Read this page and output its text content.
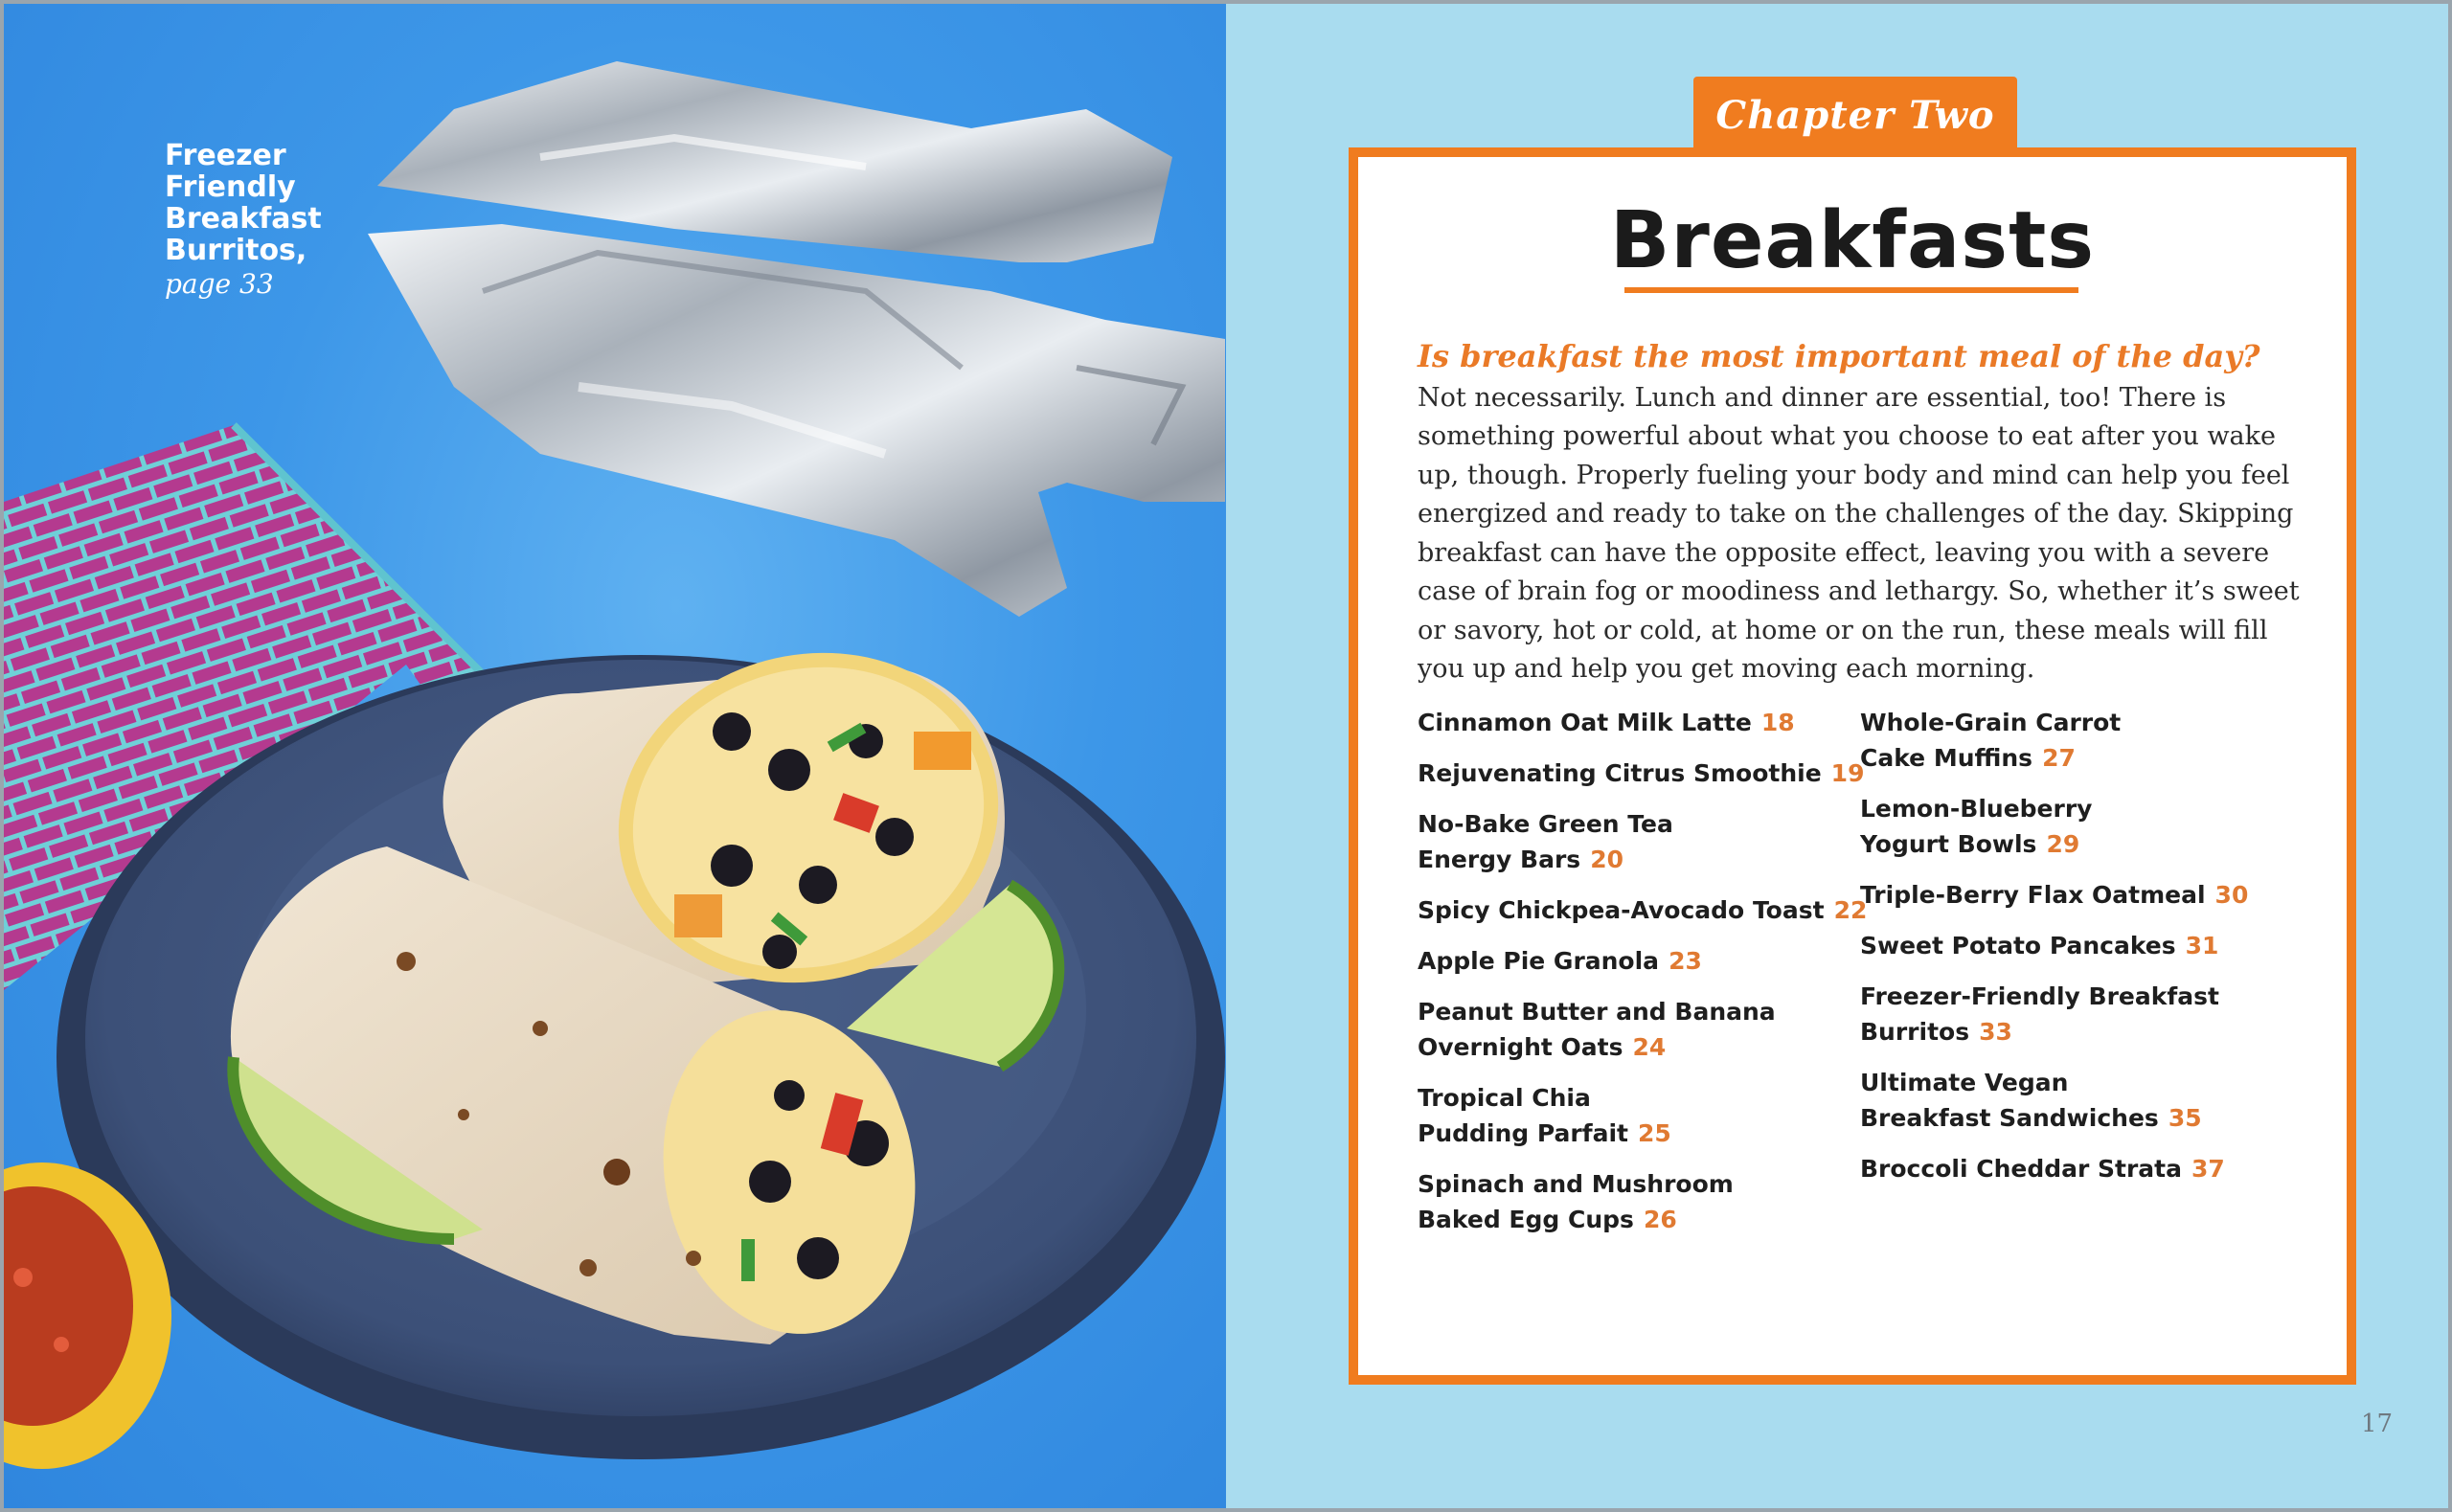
Freezer
Friendly
Breakfast
Burritos,
page 33
Chapter Two
Breakfasts
Is breakfast the most important meal of the day? Not necessarily. Lunch and dinner are essential, too! There is something powerful about what you choose to eat after you wake up, though. Properly fueling your body and mind can help you feel energized and ready to take on the challenges of the day. Skipping breakfast can have the opposite effect, leaving you with a severe case of brain fog or moodiness and lethargy. So, whether it’s sweet or savory, hot or cold, at home or on the run, these meals will fill you up and help you get moving each morning.
Cinnamon Oat Milk Latte 18
Rejuvenating Citrus Smoothie 19
No-Bake Green Tea
Energy Bars 20
Spicy Chickpea-Avocado Toast 22
Apple Pie Granola 23
Peanut Butter and Banana
Overnight Oats 24
Tropical Chia
Pudding Parfait 25
Spinach and Mushroom
Baked Egg Cups 26
Whole-Grain Carrot
Cake Muffins 27
Lemon-Blueberry
Yogurt Bowls 29
Triple-Berry Flax Oatmeal 30
Sweet Potato Pancakes 31
Freezer-Friendly Breakfast
Burritos 33
Ultimate Vegan
Breakfast Sandwiches 35
Broccoli Cheddar Strata 37
17
